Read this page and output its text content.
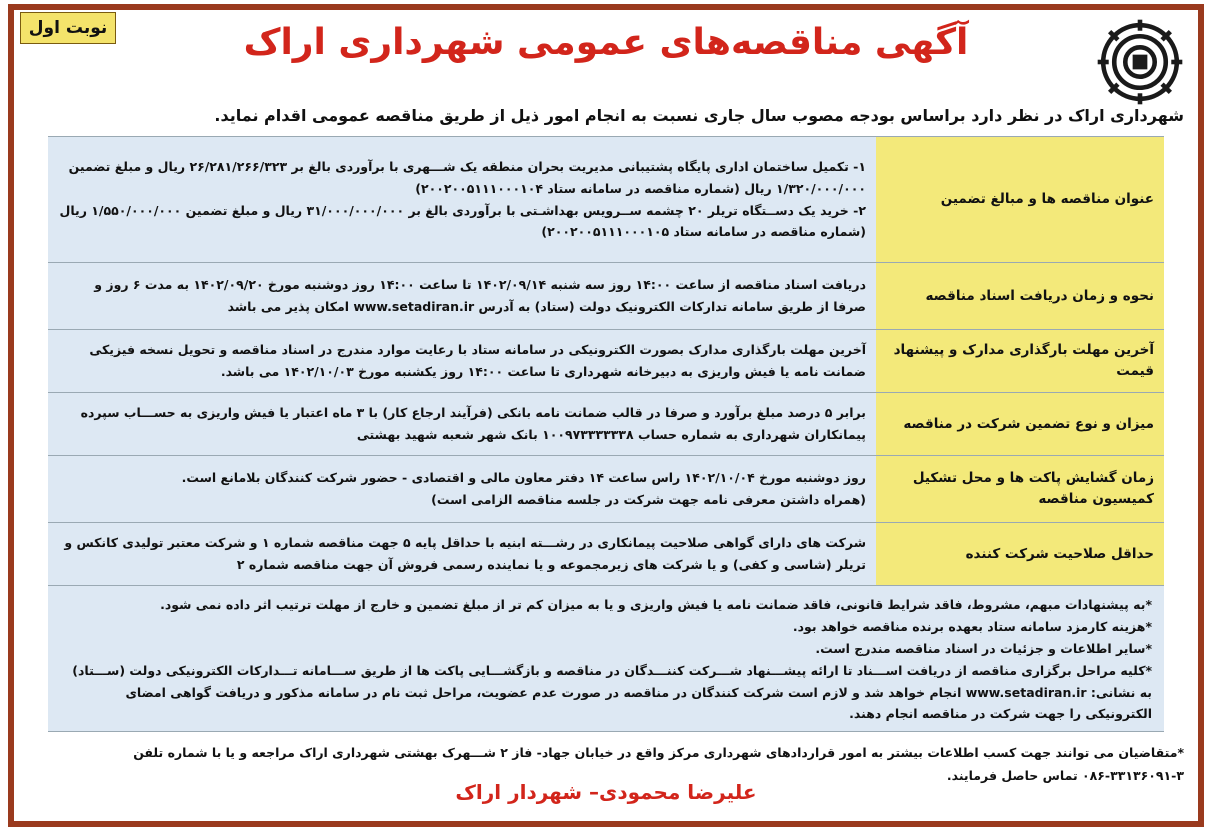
نوبت اول	آگهی مناقصه‌های عمومی شهرداری اراک
شهرداری اراک در نظر دارد براساس بودجه مصوب سال جاری نسبت به انجام امور ذیل از طریق مناقصه عمومی اقدام نماید.
عنوان مناقصه ها و مبالغ تضمین
۱- تکمیل ساختمان اداری پایگاه پشتیبانی مدیریت بحران منطقه یک شـــهری با برآوردی بالغ بر ۲۶/۲۸۱/۲۶۶/۳۲۳ ریال و مبلغ تضمین ۱/۳۲۰/۰۰۰/۰۰۰ ریال (شماره مناقصه در سامانه ستاد ۲۰۰۲۰۰۵۱۱۱۰۰۰۱۰۴)
۲- خرید یک دســتگاه تریلر ۲۰ چشمه ســرویس بهداشـتی با برآوردی بالغ بر ۳۱/۰۰۰/۰۰۰/۰۰۰ ریال و مبلغ تضمین ۱/۵۵۰/۰۰۰/۰۰۰ ریال (شماره مناقصه در سامانه ستاد ۲۰۰۲۰۰۵۱۱۱۰۰۰۱۰۵)
نحوه و زمان دریافت اسناد مناقصه
دریافت اسناد مناقصه از ساعت ۱۴:۰۰ روز سه شنبه ۱۴۰۲/۰۹/۱۴ تا ساعت ۱۴:۰۰ روز دوشنبه مورخ ۱۴۰۲/۰۹/۲۰ به مدت ۶ روز و صرفا از طریق سامانه تدارکات الکترونیک دولت (ستاد) به آدرس www.setadiran.ir امکان پذیر می باشد
آخرین مهلت بارگذاری مدارک و پیشنهاد قیمت
آخرین مهلت بارگذاری مدارک بصورت الکترونیکی در سامانه ستاد با رعایت موارد مندرج در اسناد مناقصه و تحویل نسخه فیزیکی ضمانت نامه یا فیش واریزی به دبیرخانه شهرداری تا ساعت ۱۴:۰۰ روز یکشنبه مورخ ۱۴۰۲/۱۰/۰۳ می باشد.
میزان و نوع تضمین شرکت در مناقصه
برابر ۵ درصد مبلغ برآورد و صرفا در قالب ضمانت نامه بانکی (فرآیند ارجاع کار) با ۳ ماه اعتبار یا فیش واریزی به حســـاب سپرده پیمانکاران شهرداری به شماره حساب ۱۰۰۹۷۳۳۳۳۳۳۸ بانک شهر شعبه شهید بهشتی
زمان گشایش پاکت ها و محل تشکیل کمیسیون مناقصه
روز دوشنبه مورخ ۱۴۰۲/۱۰/۰۴ راس ساعت ۱۴ دفتر معاون مالی و اقتصادی - حضور شرکت کنندگان بلامانع است.
(همراه داشتن معرفی نامه جهت شرکت در جلسه مناقصه الزامی است)
حداقل صلاحیت شرکت کننده
شرکت های دارای گواهی صلاحیت پیمانکاری در رشـــته ابنیه با حداقل پایه ۵ جهت مناقصه شماره ۱ و شرکت معتبر تولیدی کانکس و تریلر (شاسی و کفی) و یا شرکت های زیرمجموعه و یا نماینده رسمی فروش آن جهت مناقصه شماره ۲
*به پیشنهادات مبهم، مشروط، فاقد شرایط قانونی، فاقد ضمانت نامه یا فیش واریزی و یا به میزان کم تر از مبلغ تضمین و خارج از مهلت ترتیب اثر داده نمی شود.
*هزینه کارمزد سامانه ستاد بعهده برنده مناقصه خواهد بود.
*سایر اطلاعات و جزئیات در اسناد مناقصه مندرج است.
*کلیه مراحل برگزاری مناقصه از دریافت اســـناد تا ارائه پیشـــنهاد شـــرکت کننـــدگان در مناقصه و بازگشـــایی پاکت ها از طریق ســـامانه تـــدارکات الکترونیکی دولت (ســـتاد) به نشانی: www.setadiran.ir انجام خواهد شد و لازم است شرکت کنندگان در مناقصه در صورت عدم عضویت، مراحل ثبت نام در سامانه مذکور و دریافت گواهی امضای الکترونیکی را جهت شرکت در مناقصه انجام دهند.
*متقاضیان می توانند جهت کسب اطلاعات بیشتر به امور قراردادهای شهرداری مرکز واقع در خیابان جهاد- فاز ۲ شـــهرک بهشتی شهرداری اراک مراجعه و یا با شماره تلفن ۳-۳۳۱۳۶۰۹۱-۰۸۶ تماس حاصل فرمایند.
علیرضا محمودی– شهردار اراک
